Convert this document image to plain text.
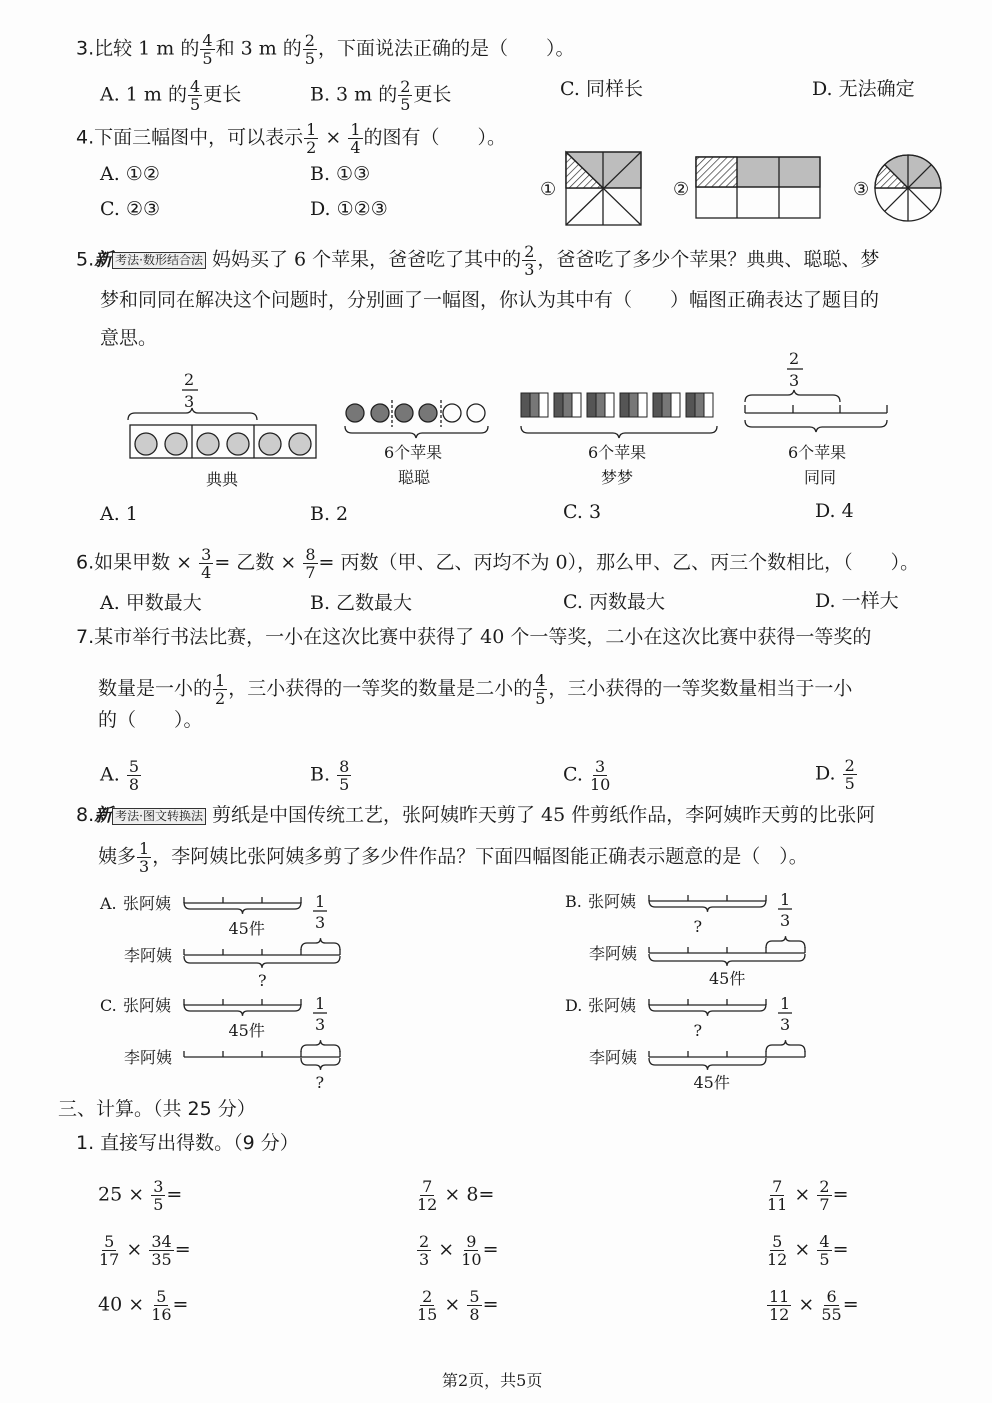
3.比较 1 m 的 $\frac{4}{5}$ 和 3 m 的 $\frac{2}{5}$ ，下面说法正确的是（　　）。
A. 1 m 的 $\frac{4}{5}$ 更长	B. 3 m 的 $\frac{2}{5}$ 更长	C. 同样长	D. 无法确定
4.下面三幅图中，可以表示 $\frac{1}{2} \times \frac{1}{4}$ 的图有（　　）。
A. ①②	B. ①③
C. ②③	D. ①②③
①	②	③
5.新 考法·数形结合法 妈妈买了 6 个苹果，爸爸吃了其中的 $\frac{2}{3}$ ，爸爸吃了多少个苹果？典典、聪聪、梦
梦和同同在解决这个问题时，分别画了一幅图，你认为其中有（　　）幅图正确表达了题目的
意思。
2
3
典典
6个苹果
聪聪
6个苹果
梦梦
2
3
6个苹果
同同
A. 1	B. 2	C. 3	D. 4
6.如果甲数 × $\frac{3}{4}$ = 乙数 × $\frac{8}{7}$ = 丙数（甲、乙、丙均不为 0），那么甲、乙、丙三个数相比，（　　）。
A. 甲数最大	B. 乙数最大	C. 丙数最大	D. 一样大
7.某市举行书法比赛，一小在这次比赛中获得了 40 个一等奖，二小在这次比赛中获得一等奖的
数量是一小的 $\frac{1}{2}$ ，三小获得的一等奖的数量是二小的 $\frac{4}{5}$ ，三小获得的一等奖数量相当于一小
的（　　）。
A. $\frac{5}{8}$	B. $\frac{8}{5}$	C. $\frac{3}{10}$	D. $\frac{2}{5}$
8.新 考法·图文转换法 剪纸是中国传统工艺，张阿姨昨天剪了 45 件剪纸作品，李阿姨昨天剪的比张阿
姨多 $\frac{1}{3}$ ，李阿姨比张阿姨多剪了多少件作品？下面四幅图能正确表示题意的是（　）。
A. 张阿姨
李阿姨
1
3
45件
?
B. 张阿姨
李阿姨
1
3
?
45件
C. 张阿姨
李阿姨
1
3
45件
?
D. 张阿姨
李阿姨
1
3
?
45件
三、计算。（共 25 分）
1. 直接写出得数。（9 分）
$25 \times \frac{3}{5}$ =	$\frac{7}{12} \times 8=$	$\frac{7}{11} \times \frac{2}{7}$ =
$\frac{5}{17} \times \frac{34}{35}$ =	$\frac{2}{3} \times \frac{9}{10}$ =	$\frac{5}{12} \times \frac{4}{5}$ =
$40 \times \frac{5}{16}$ =	$\frac{2}{15} \times \frac{5}{8}$ =	$\frac{11}{12} \times \frac{6}{55}$ =
第2页，共5页
